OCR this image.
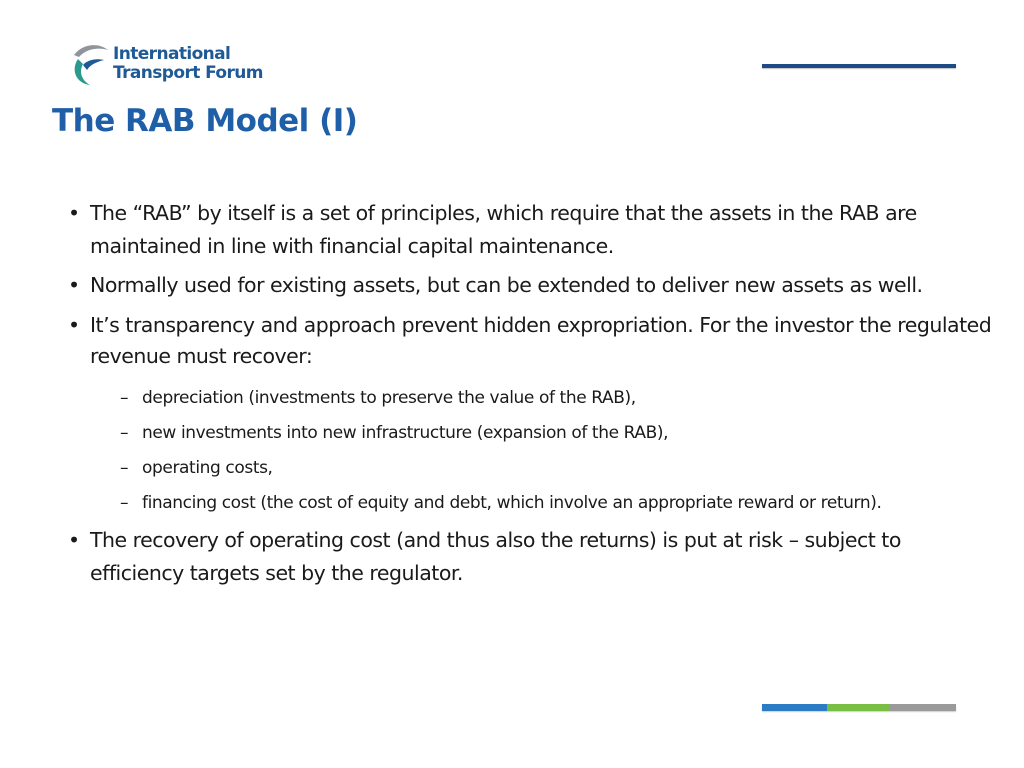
International
Transport Forum
The RAB Model (I)
• The “RAB” by itself is a set of principles, which require that the assets in the RAB are maintained in line with financial capital maintenance.
• Normally used for existing assets, but can be extended to deliver new assets as well.
• It’s transparency and approach prevent hidden expropriation. For the investor the regulated revenue must recover:
– depreciation (investments to preserve the value of the RAB),
– new investments into new infrastructure (expansion of the RAB),
– operating costs,
– financing cost (the cost of equity and debt, which involve an appropriate reward or return).
• The recovery of operating cost (and thus also the returns) is put at risk – subject to efficiency targets set by the regulator.
